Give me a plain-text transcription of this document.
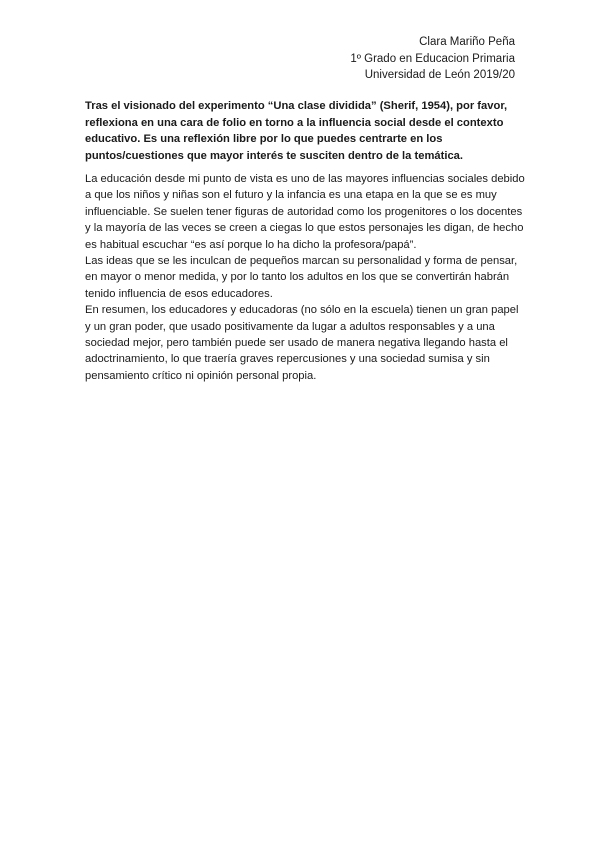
Clara Mariño Peña
1º Grado en Educacion Primaria
Universidad de León 2019/20
Tras el visionado del experimento “Una clase dividida” (Sherif, 1954), por favor, reflexiona en una cara de folio en torno a la influencia social desde el contexto educativo. Es una reflexión libre por lo que puedes centrarte en los puntos/cuestiones que mayor interés te susciten dentro de la temática.

La educación desde mi punto de vista es uno de las mayores influencias sociales debido a que los niños y niñas son el futuro y la infancia es una etapa en la que se es muy influenciable. Se suelen tener figuras de autoridad como los progenitores o los docentes y la mayoría de las veces se creen a ciegas lo que estos personajes les digan, de hecho es habitual escuchar “es así porque lo ha dicho la profesora/papá”.

Las ideas que se les inculcan de pequeños marcan su personalidad y forma de pensar, en mayor o menor medida, y por lo tanto los adultos en los que se convertirán habrán tenido influencia de esos educadores.

En resumen, los educadores y educadoras (no sólo en la escuela) tienen un gran papel y un gran poder, que usado positivamente da lugar a adultos responsables y a una sociedad mejor, pero también puede ser usado de manera negativa llegando hasta el adoctrinamiento, lo que traería graves repercusiones y una sociedad sumisa y sin pensamiento crítico ni opinión personal propia.
